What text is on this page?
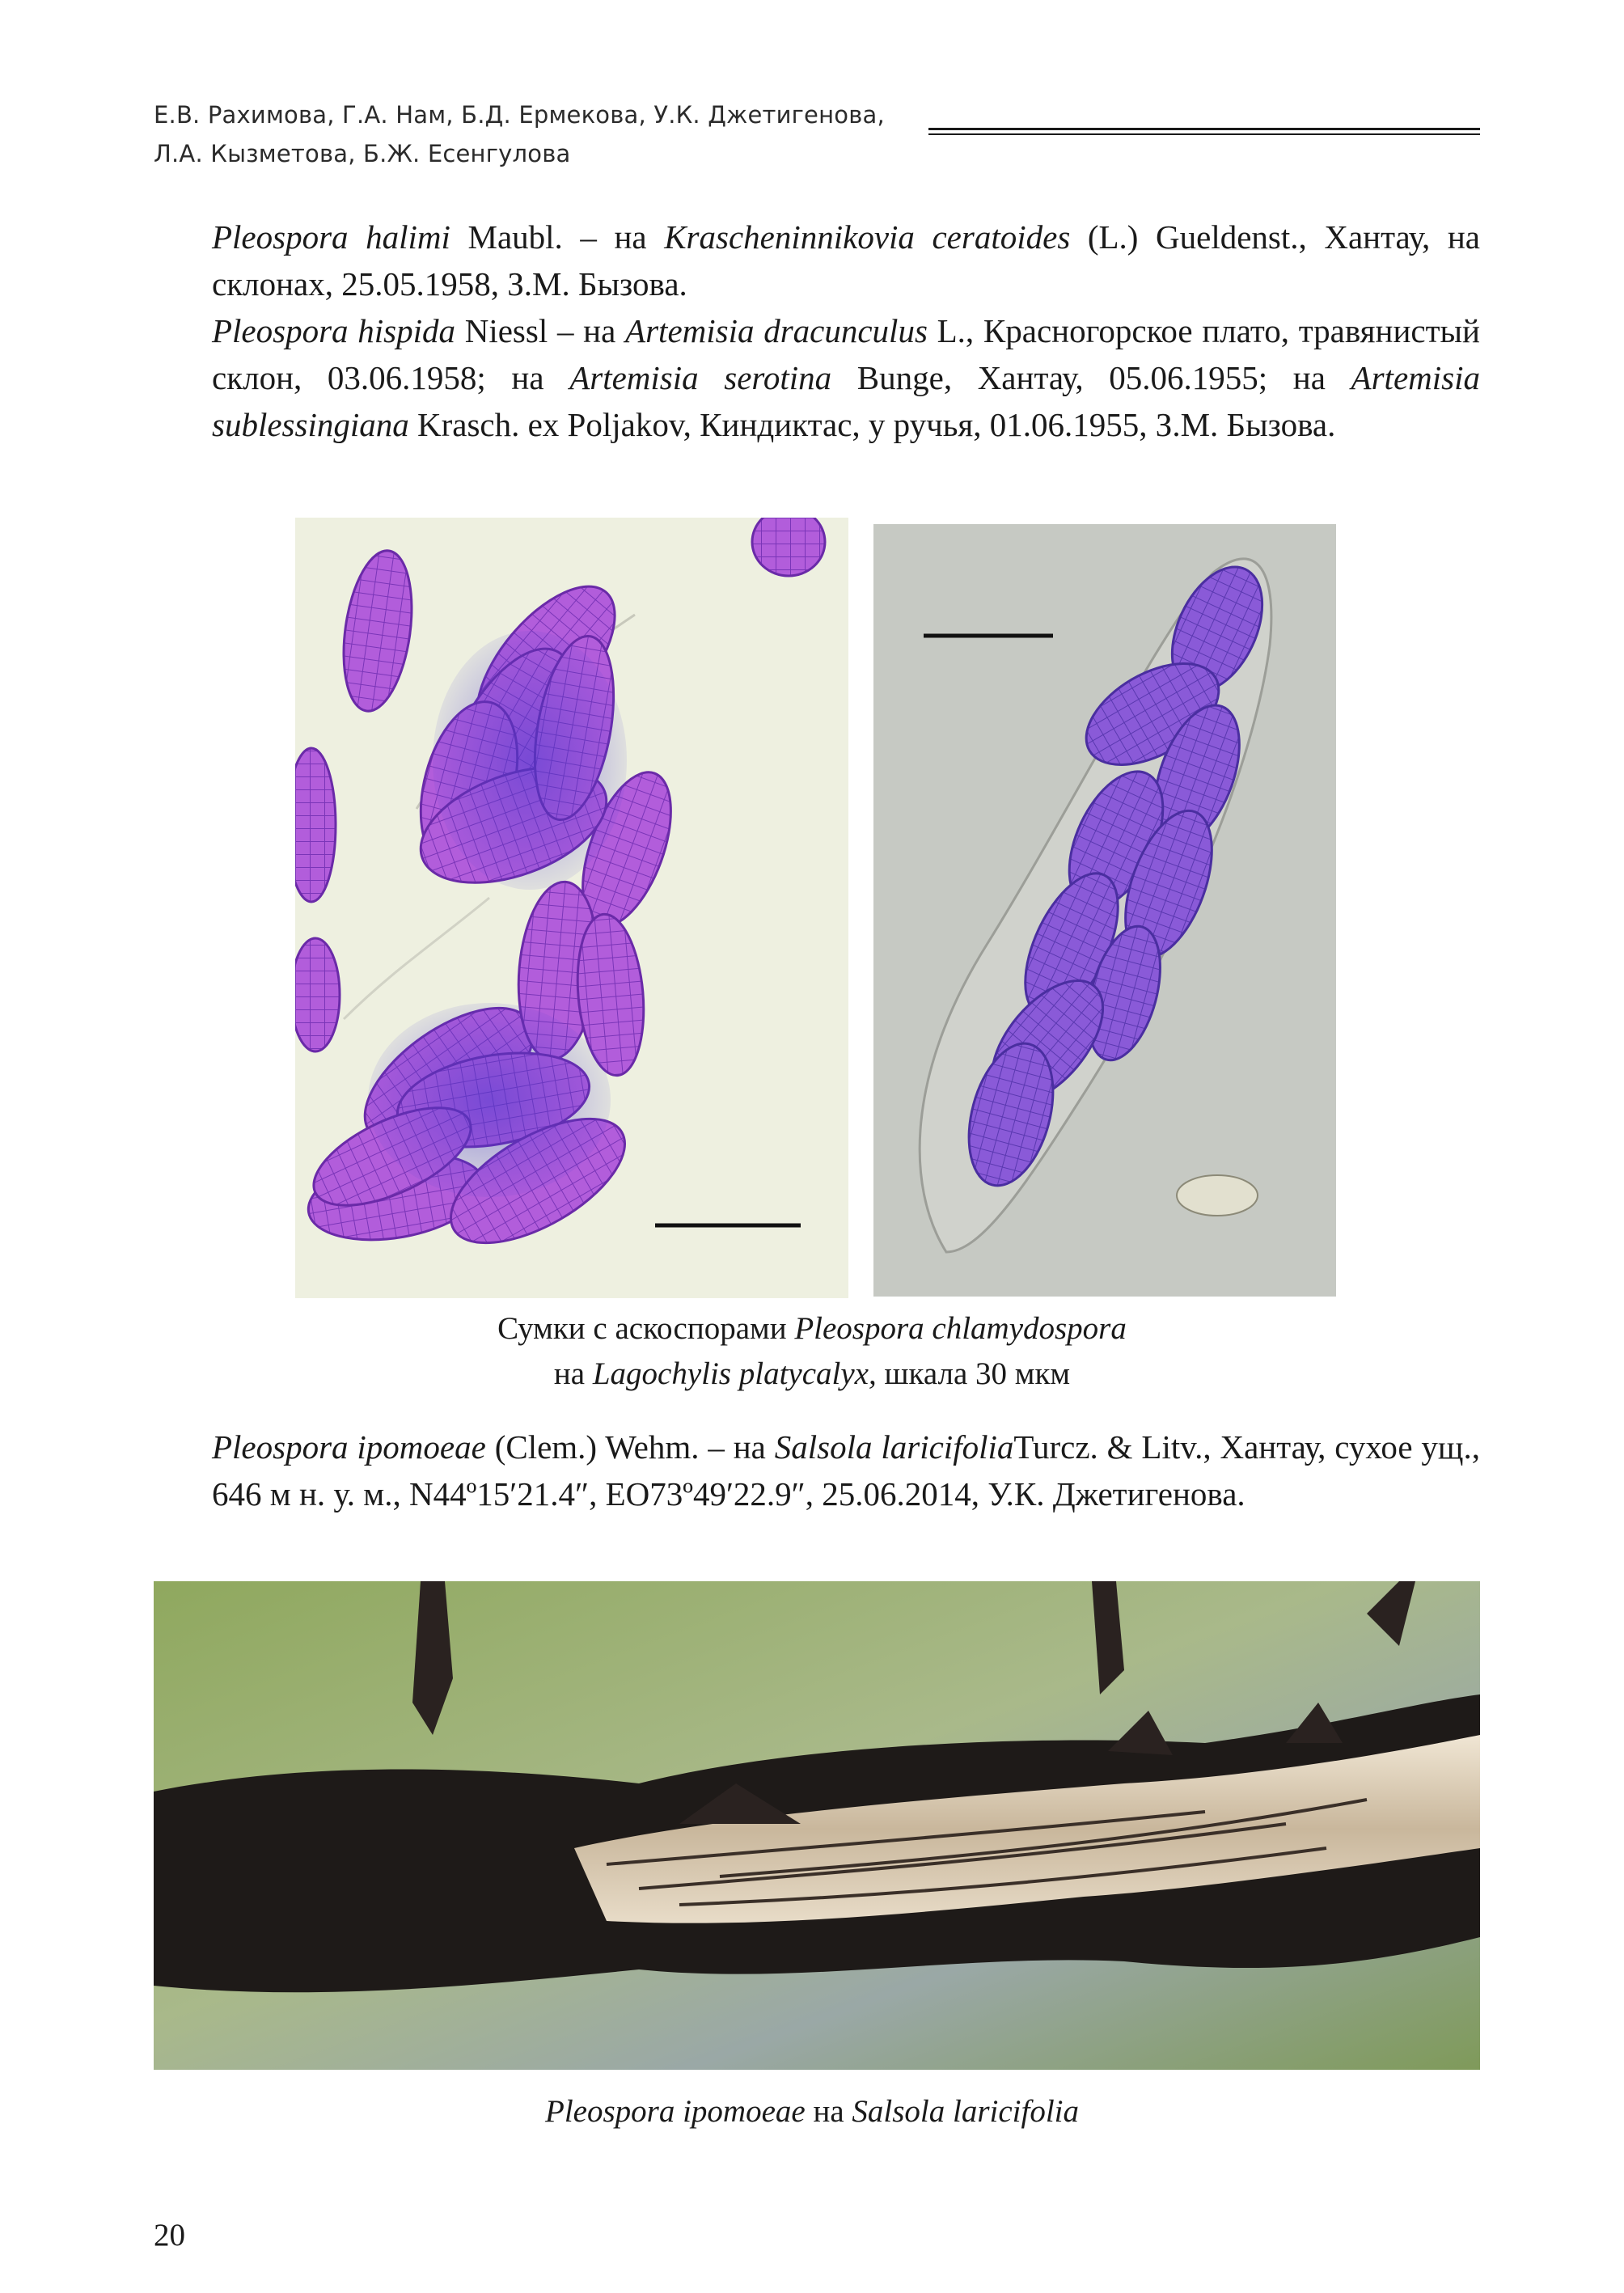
Е.В. Рахимова, Г.А. Нам, Б.Д. Ермекова, У.К. Джетигенова,
Л.А. Кызметова, Б.Ж. Есенгулова

Pleospora halimi Maubl. – на Krascheninnikovia ceratoides (L.) Gueldenst., Хантау, на склонах, 25.05.1958, З.М. Бызова.

Pleospora hispida Niessl – на Artemisia dracunculus L., Красногорское плато, травянистый склон, 03.06.1958; на Artemisia serotina Bunge, Хантау, 05.06.1955; на Artemisia sublessingiana Krasch. ex Poljakov, Киндиктас, у ручья, 01.06.1955, З.М. Бызова.

Сумки с аскоспорами Pleospora chlamydospora
на Lagochylis platycalyx, шкала 30 мкм

Pleospora ipomoeae (Clem.) Wehm. – на Salsola laricifoliaTurcz. & Litv., Хантау, сухое ущ., 646 м н. у. м., N44º15′21.4″, EO73º49′22.9″, 25.06.2014, У.К. Джетигенова.

Pleospora ipomoeae на Salsola laricifolia
20
